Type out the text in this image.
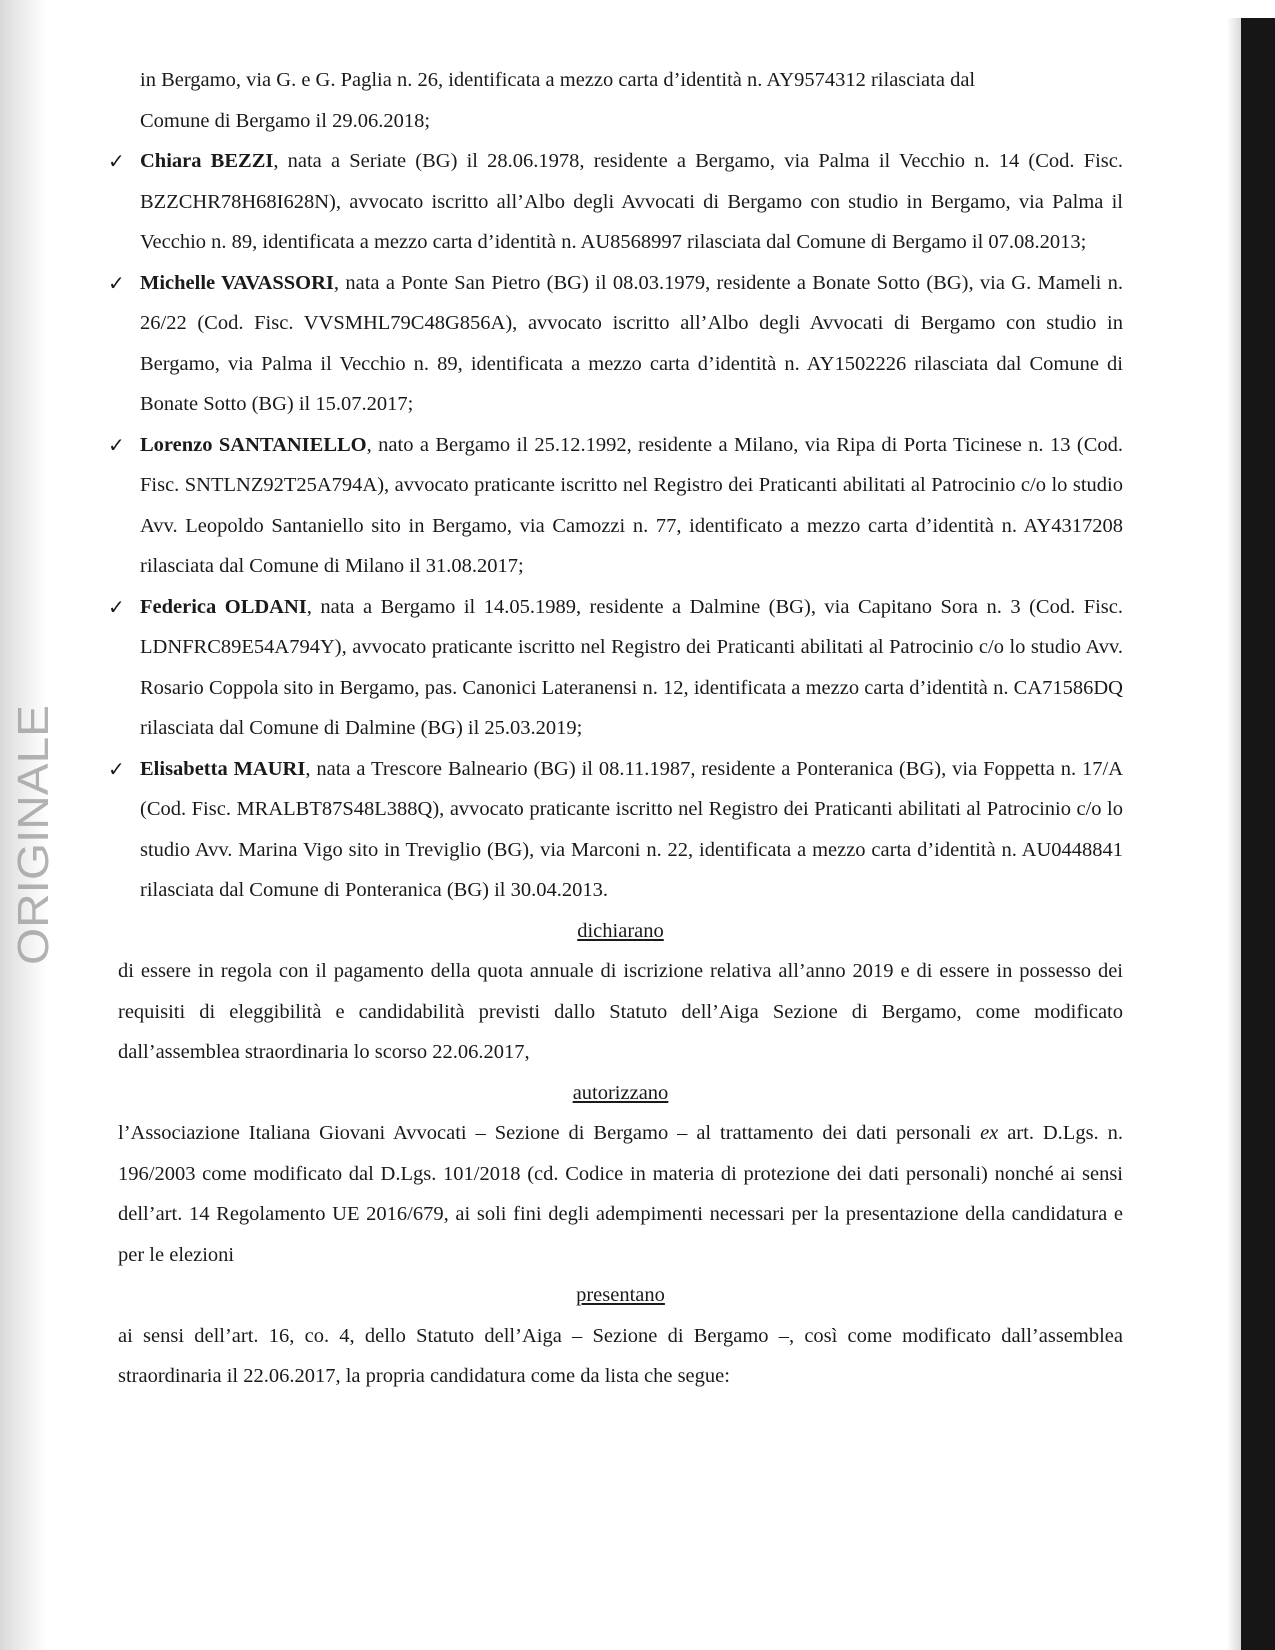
ORIGINALE

in Bergamo, via G. e G. Paglia n. 26, identificata a mezzo carta d’identità n. AY9574312 rilasciata dal

Comune di Bergamo il 29.06.2018;

✓ Chiara BEZZI, nata a Seriate (BG) il 28.06.1978, residente a Bergamo, via Palma il Vecchio n. 14 (Cod. Fisc. BZZCHR78H68I628N), avvocato iscritto all’Albo degli Avvocati di Bergamo con studio in Bergamo, via Palma il Vecchio n. 89, identificata a mezzo carta d’identità n. AU8568997 rilasciata dal Comune di Bergamo il 07.08.2013;
✓ Michelle VAVASSORI, nata a Ponte San Pietro (BG) il 08.03.1979, residente a Bonate Sotto (BG), via G. Mameli n. 26/22 (Cod. Fisc. VVSMHL79C48G856A), avvocato iscritto all’Albo degli Avvocati di Bergamo con studio in Bergamo, via Palma il Vecchio n. 89, identificata a mezzo carta d’identità n. AY1502226 rilasciata dal Comune di Bonate Sotto (BG) il 15.07.2017;
✓ Lorenzo SANTANIELLO, nato a Bergamo il 25.12.1992, residente a Milano, via Ripa di Porta Ticinese n. 13 (Cod. Fisc. SNTLNZ92T25A794A), avvocato praticante iscritto nel Registro dei Praticanti abilitati al Patrocinio c/o lo studio Avv. Leopoldo Santaniello sito in Bergamo, via Camozzi n. 77, identificato a mezzo carta d’identità n. AY4317208 rilasciata dal Comune di Milano il 31.08.2017;
✓ Federica OLDANI, nata a Bergamo il 14.05.1989, residente a Dalmine (BG), via Capitano Sora n. 3 (Cod. Fisc. LDNFRC89E54A794Y), avvocato praticante iscritto nel Registro dei Praticanti abilitati al Patrocinio c/o lo studio Avv. Rosario Coppola sito in Bergamo, pas. Canonici Lateranensi n. 12, identificata a mezzo carta d’identità n. CA71586DQ rilasciata dal Comune di Dalmine (BG) il 25.03.2019;
✓ Elisabetta MAURI, nata a Trescore Balneario (BG) il 08.11.1987, residente a Ponteranica (BG), via Foppetta n. 17/A (Cod. Fisc. MRALBT87S48L388Q), avvocato praticante iscritto nel Registro dei Praticanti abilitati al Patrocinio c/o lo studio Avv. Marina Vigo sito in Treviglio (BG), via Marconi n. 22, identificata a mezzo carta d’identità n. AU0448841 rilasciata dal Comune di Ponteranica (BG) il 30.04.2013.

dichiarano

di essere in regola con il pagamento della quota annuale di iscrizione relativa all’anno 2019 e di essere in possesso dei requisiti di eleggibilità e candidabilità previsti dallo Statuto dell’Aiga Sezione di Bergamo, come modificato dall’assemblea straordinaria lo scorso 22.06.2017,

autorizzano

l’Associazione Italiana Giovani Avvocati – Sezione di Bergamo – al trattamento dei dati personali ex art. D.Lgs. n. 196/2003 come modificato dal D.Lgs. 101/2018 (cd. Codice in materia di protezione dei dati personali) nonché ai sensi dell’art. 14 Regolamento UE 2016/679, ai soli fini degli adempimenti necessari per la presentazione della candidatura e per le elezioni

presentano

ai sensi dell’art. 16, co. 4, dello Statuto dell’Aiga – Sezione di Bergamo –, così come modificato dall’assemblea straordinaria il 22.06.2017, la propria candidatura come da lista che segue:
